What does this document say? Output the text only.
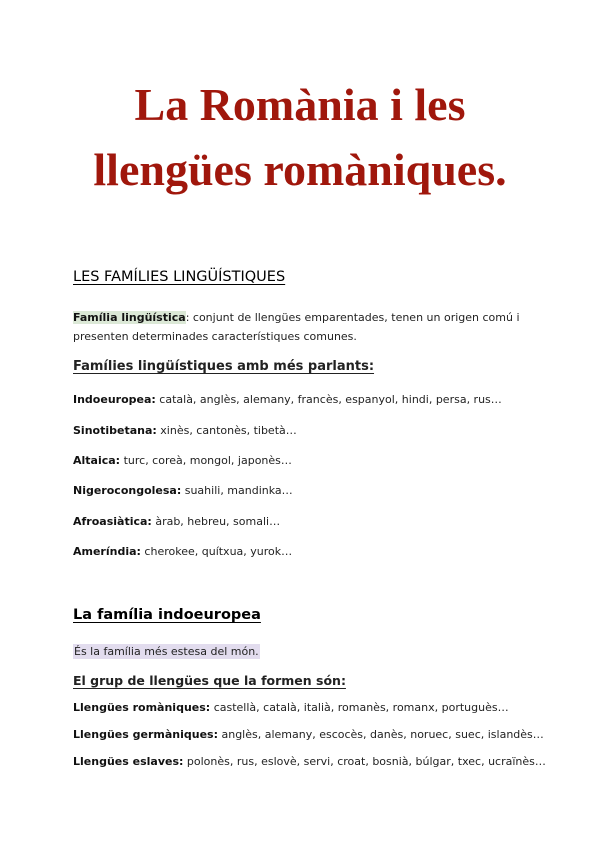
La Romània i les
llengües romàniques.
LES FAMÍLIES LINGÜÍSTIQUES

Família lingüística: conjunt de llengües emparentades, tenen un origen comú i presenten determinades característiques comunes.

Famílies lingüístiques amb més parlants:

Indoeuropea: català, anglès, alemany, francès, espanyol, hindi, persa, rus…

Sinotibetana: xinès, cantonès, tibetà…

Altaica: turc, coreà, mongol, japonès…

Nigerocongolesa: suahili, mandinka…

Afroasiàtica: àrab, hebreu, somali…

Ameríndia: cherokee, quítxua, yurok…

La família indoeuropea

És la família més estesa del món.

El grup de llengües que la formen són:

Llengües romàniques: castellà, català, italià, romanès, romanx, portuguès…

Llengües germàniques: anglès, alemany, escocès, danès, noruec, suec, islandès…

Llengües eslaves: polonès, rus, eslovè, servi, croat, bosnià, búlgar, txec, ucraïnès…
